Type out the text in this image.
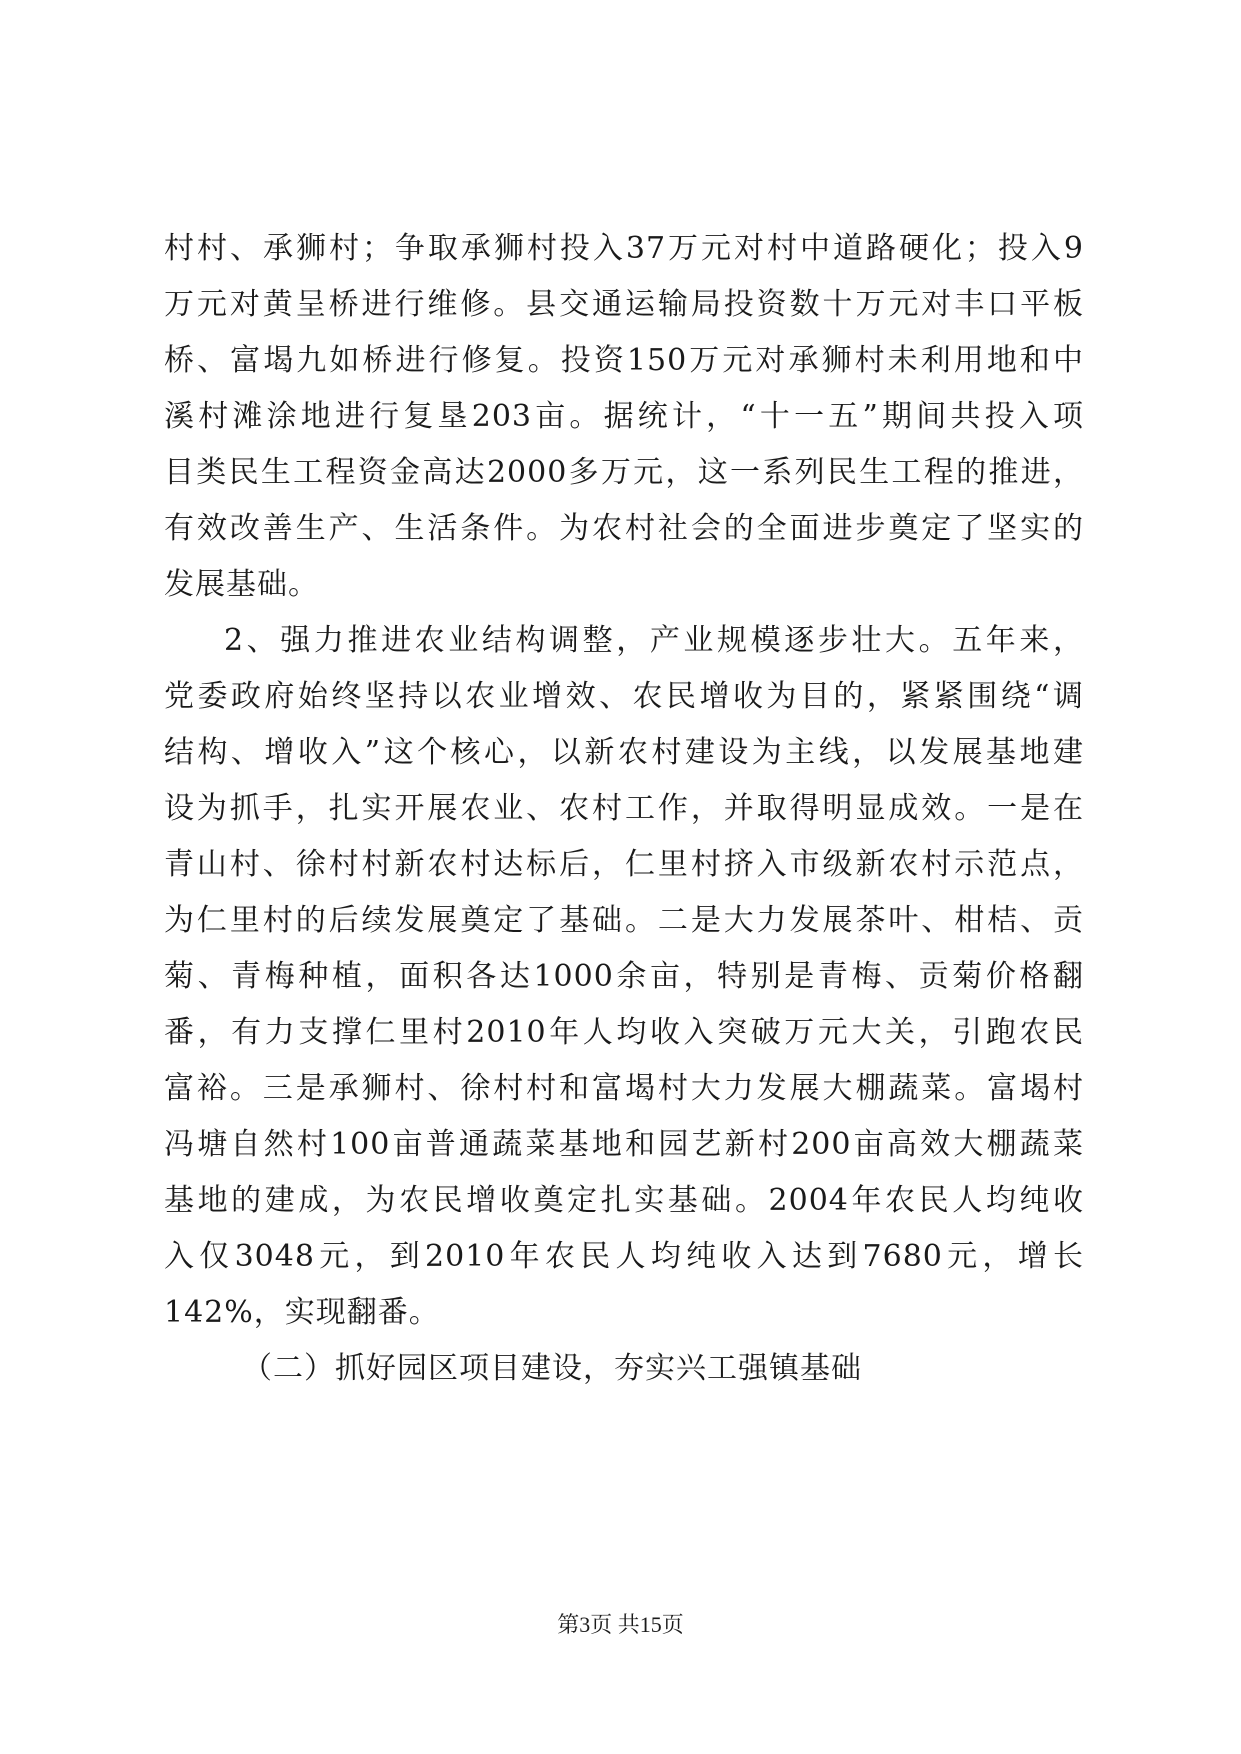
村村、承狮村；争取承狮村投入37万元对村中道路硬化；投入9
万元对黄呈桥进行维修。县交通运输局投资数十万元对丰口平板
桥、富堨九如桥进行修复。投资150万元对承狮村未利用地和中
溪村滩涂地进行复垦203亩。据统计，“十一五”期间共投入项
目类民生工程资金高达2000多万元，这一系列民生工程的推进，
有效改善生产、生活条件。为农村社会的全面进步奠定了坚实的
发展基础。
2、强力推进农业结构调整，产业规模逐步壮大。五年来，
党委政府始终坚持以农业增效、农民增收为目的，紧紧围绕“调
结构、增收入”这个核心，以新农村建设为主线，以发展基地建
设为抓手，扎实开展农业、农村工作，并取得明显成效。一是在
青山村、徐村村新农村达标后，仁里村挤入市级新农村示范点，
为仁里村的后续发展奠定了基础。二是大力发展茶叶、柑桔、贡
菊、青梅种植，面积各达1000余亩，特别是青梅、贡菊价格翻
番，有力支撑仁里村2010年人均收入突破万元大关，引跑农民
富裕。三是承狮村、徐村村和富堨村大力发展大棚蔬菜。富堨村
冯塘自然村100亩普通蔬菜基地和园艺新村200亩高效大棚蔬菜
基地的建成，为农民增收奠定扎实基础。2004年农民人均纯收
入仅3048元，到2010年农民人均纯收入达到7680元，增长
142%，实现翻番。
（二）抓好园区项目建设，夯实兴工强镇基础
第3页 共15页
